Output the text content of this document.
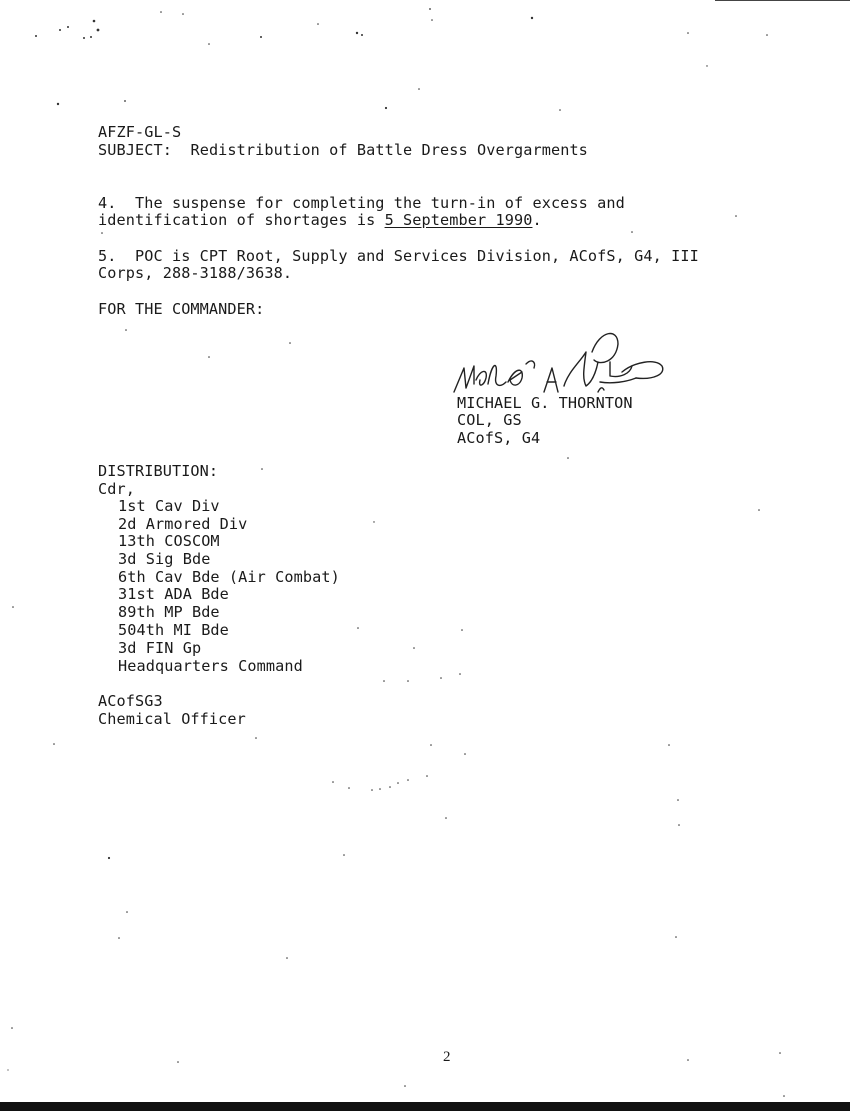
AFZF-GL-S
SUBJECT: Redistribution of Battle Dress Overgarments
4.  The suspense for completing the turn-in of excess and
identification of shortages is 5 September 1990.
5.  POC is CPT Root, Supply and Services Division, ACofS, G4, III
Corps, 288-3188/3638.
FOR THE COMMANDER:
MICHAEL G. THORNTON
COL, GS
ACofS, G4
DISTRIBUTION:
Cdr,
1st Cav Div
2d Armored Div
13th COSCOM
3d Sig Bde
6th Cav Bde (Air Combat)
31st ADA Bde
89th MP Bde
504th MI Bde
3d FIN Gp
Headquarters Command
ACofSG3
Chemical Officer
2
